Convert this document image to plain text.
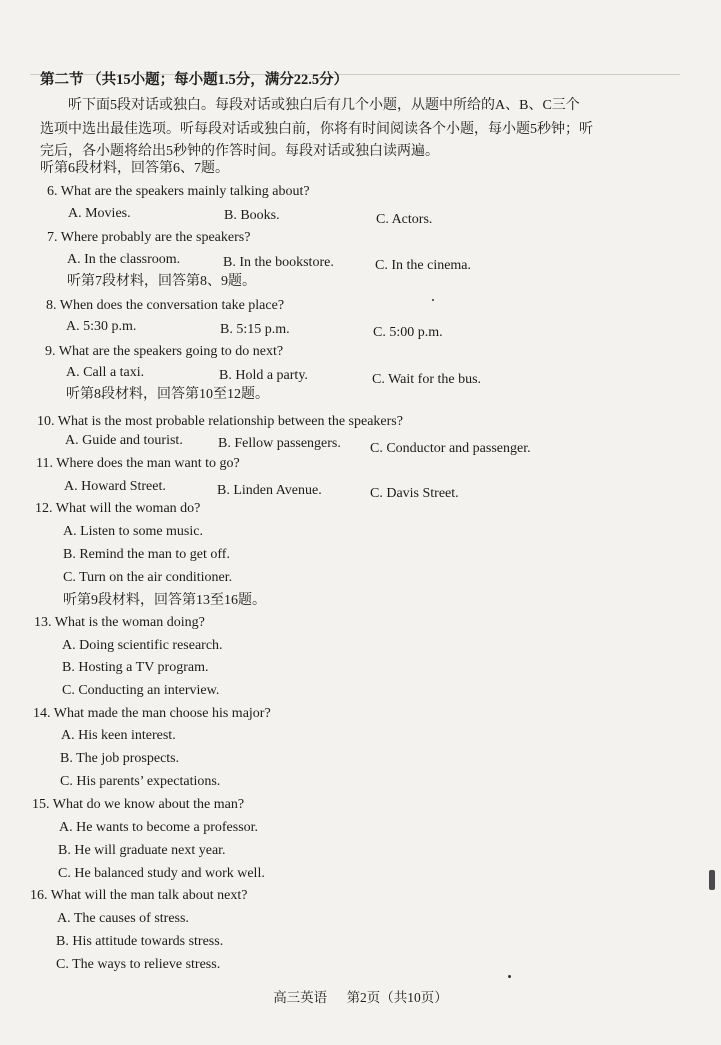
第二节 （共15小题；每小题1.5分，满分22.5分）
听下面5段对话或独白。每段对话或独白后有几个小题，从题中所给的A、B、C三个
选项中选出最佳选项。听每段对话或独白前，你将有时间阅读各个小题，每小题5秒钟；听
完后，各小题将给出5秒钟的作答时间。每段对话或独白读两遍。
听第6段材料，回答第6、7题。
6. What are the speakers mainly talking about?
A. Movies.	B. Books.	C. Actors.
7. Where probably are the speakers?
A. In the classroom.	B. In the bookstore.	C. In the cinema.
听第7段材料，回答第8、9题。
8. When does the conversation take place?
A. 5:30 p.m.	B. 5:15 p.m.	C. 5:00 p.m.
9. What are the speakers going to do next?
A. Call a taxi.	B. Hold a party.	C. Wait for the bus.
听第8段材料，回答第10至12题。
10. What is the most probable relationship between the speakers?
A. Guide and tourist.	B. Fellow passengers. C. Conductor and passenger.
11. Where does the man want to go?
A. Howard Street.	B. Linden Avenue.	C. Davis Street.
12. What will the woman do?
A. Listen to some music.
B. Remind the man to get off.
C. Turn on the air conditioner.
听第9段材料，回答第13至16题。
13. What is the woman doing?
A. Doing scientific research.
B. Hosting a TV program.
C. Conducting an interview.
14. What made the man choose his major?
A. His keen interest.
B. The job prospects.
C. His parents’ expectations.
15. What do we know about the man?
A. He wants to become a professor.
B. He will graduate next year.
C. He balanced study and work well.
16. What will the man talk about next?
A. The causes of stress.
B. His attitude towards stress.
C. The ways to relieve stress.
高三英语 第2页（共10页）
